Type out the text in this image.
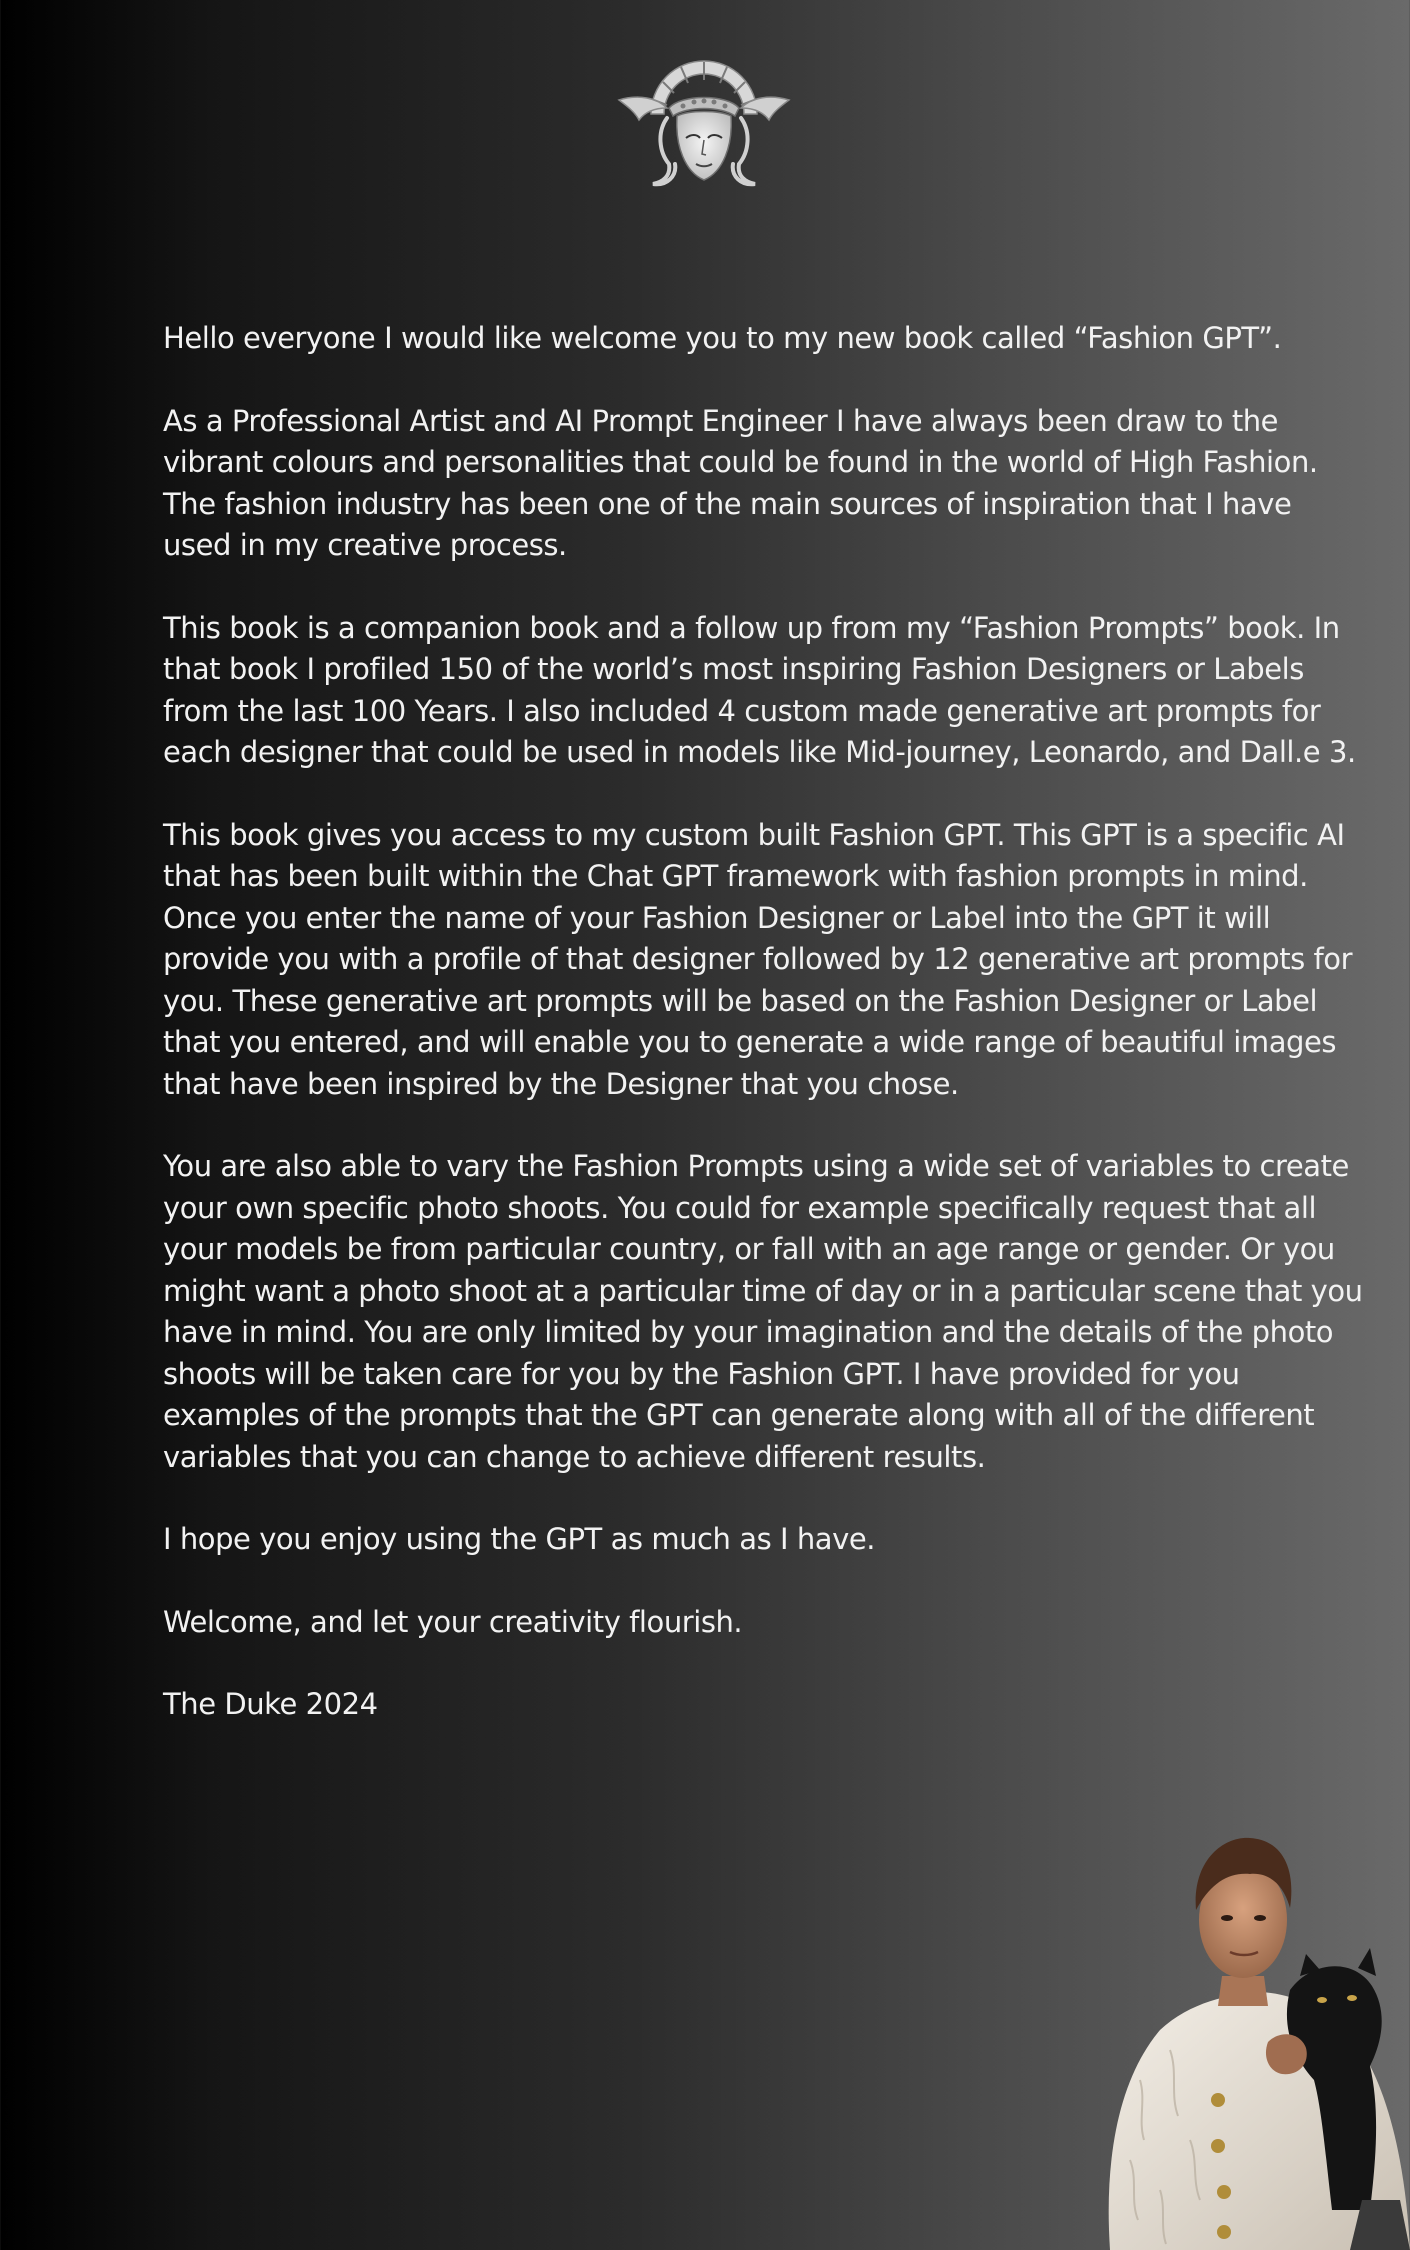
Hello everyone I would like welcome you to my new book called “Fashion GPT”.

As a Professional Artist and AI Prompt Engineer I have always been draw to the
vibrant colours and personalities that could be found in the world of High Fashion.
The fashion industry has been one of the main sources of inspiration that I have
used in my creative process.

This book is a companion book and a follow up from my “Fashion Prompts” book. In
that book I profiled 150 of the world’s most inspiring Fashion Designers or Labels
from the last 100 Years. I also included 4 custom made generative art prompts for
each designer that could be used in models like Mid-journey, Leonardo, and Dall.e 3.

This book gives you access to my custom built Fashion GPT. This GPT is a specific AI
that has been built within the Chat GPT framework with fashion prompts in mind.
Once you enter the name of your Fashion Designer or Label into the GPT it will
provide you with a profile of that designer followed by 12 generative art prompts for
you. These generative art prompts will be based on the Fashion Designer or Label
that you entered, and will enable you to generate a wide range of beautiful images
that have been inspired by the Designer that you chose.

You are also able to vary the Fashion Prompts using a wide set of variables to create
your own specific photo shoots. You could for example specifically request that all
your models be from particular country, or fall with an age range or gender. Or you
might want a photo shoot at a particular time of day or in a particular scene that you
have in mind. You are only limited by your imagination and the details of the photo
shoots will be taken care for you by the Fashion GPT. I have provided for you
examples of the prompts that the GPT can generate along with all of the different
variables that you can change to achieve different results.

I hope you enjoy using the GPT as much as I have.

Welcome, and let your creativity flourish.

The Duke 2024
